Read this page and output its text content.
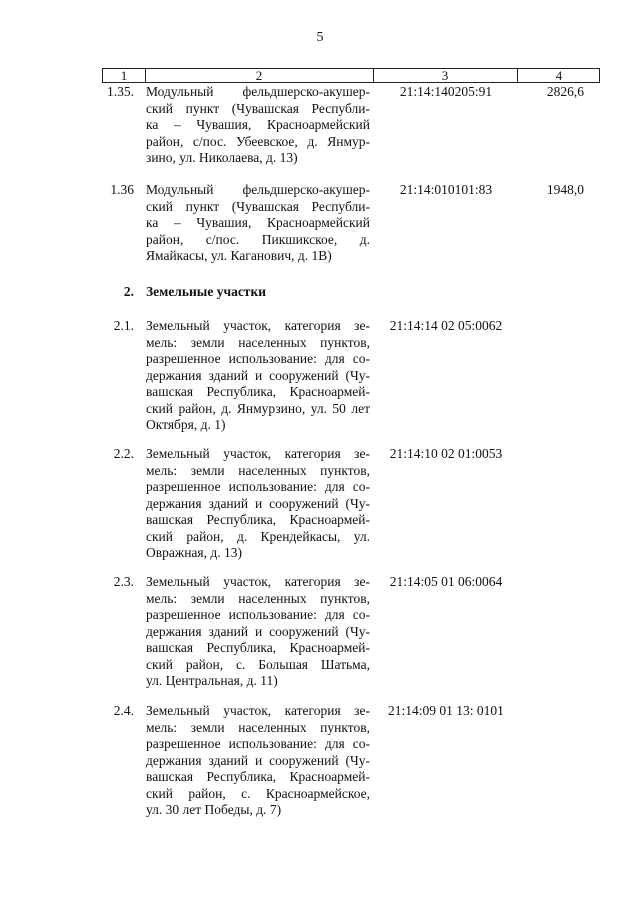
5
1	2	3	4
1.35. Модульный фельдшерско-акушер-
ский пункт (Чувашская Республи-
ка – Чувашия, Красноармейский
район, с/пос. Убеевское, д. Янмур-
зино, ул. Николаева, д. 13)
21:14:140205:91	2826,6
1.36 Модульный фельдшерско-акушер-
ский пункт (Чувашская Республи-
ка – Чувашия, Красноармейский
район, с/пос. Пикшикское, д.
Ямайкасы, ул. Каганович, д. 1В)
21:14:010101:83	1948,0
2. Земельные участки
2.1. Земельный участок, категория зе-
мель: земли населенных пунктов,
разрешенное использование: для со-
держания зданий и сооружений (Чу-
вашская Республика, Красноармей-
ский район, д. Янмурзино, ул. 50 лет
Октября, д. 1)
21:14:14 02 05:0062
2.2. Земельный участок, категория зе-
мель: земли населенных пунктов,
разрешенное использование: для со-
держания зданий и сооружений (Чу-
вашская Республика, Красноармей-
ский район, д. Крендейкасы, ул.
Овражная, д. 13)
21:14:10 02 01:0053
2.3. Земельный участок, категория зе-
мель: земли населенных пунктов,
разрешенное использование: для со-
держания зданий и сооружений (Чу-
вашская Республика, Красноармей-
ский район, с. Большая Шатьма,
ул. Центральная, д. 11)
21:14:05 01 06:0064
2.4. Земельный участок, категория зе-
мель: земли населенных пунктов,
разрешенное использование: для со-
держания зданий и сооружений (Чу-
вашская Республика, Красноармей-
ский район, с. Красноармейское,
ул. 30 лет Победы, д. 7)
21:14:09 01 13: 0101
